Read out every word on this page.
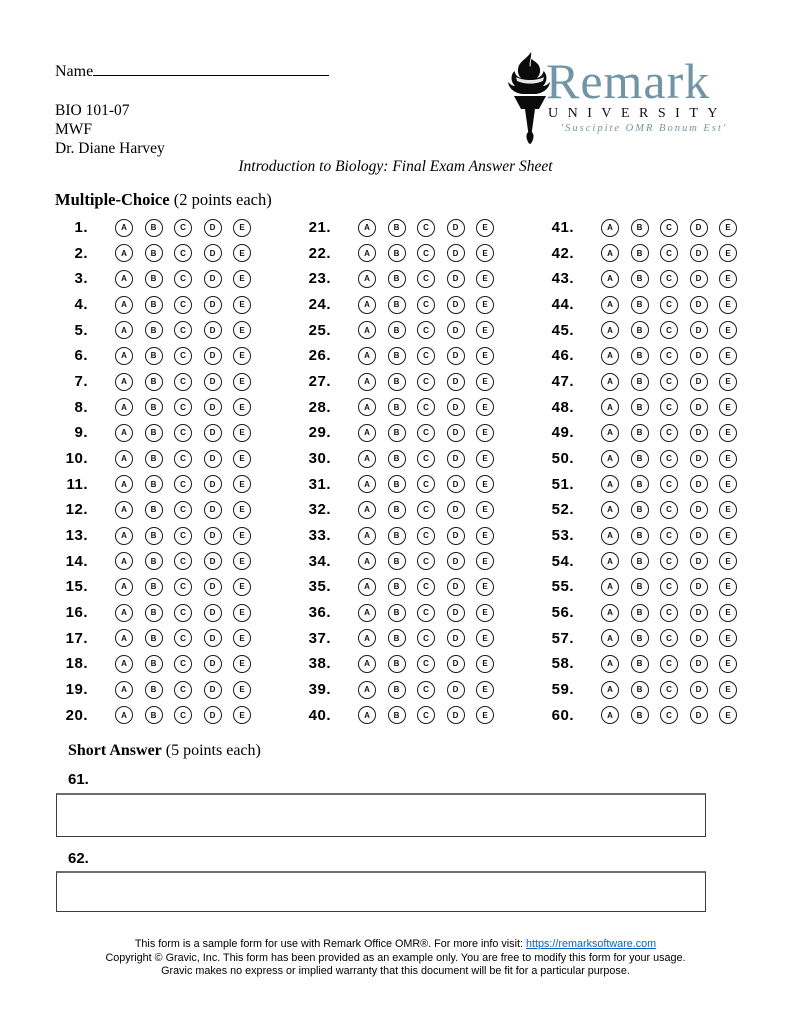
Name	Remark
UNIVERSITY
'Suscipite OMR Bonum Est'
BIO 101-07
MWF
Dr. Diane Harvey
Introduction to Biology: Final Exam Answer Sheet
Multiple-Choice (2 points each)
1.	A	B	C	D	E
2.	A	B	C	D	E
3.	A	B	C	D	E
4.	A	B	C	D	E
5.	A	B	C	D	E
6.	A	B	C	D	E
7.	A	B	C	D	E
8.	A	B	C	D	E
9.	A	B	C	D	E
10.	A	B	C	D	E
11.	A	B	C	D	E
12.	A	B	C	D	E
13.	A	B	C	D	E
14.	A	B	C	D	E
15.	A	B	C	D	E
16.	A	B	C	D	E
17.	A	B	C	D	E
18.	A	B	C	D	E
19.	A	B	C	D	E
20.	A	B	C	D	E
21.	A	B	C	D	E
22.	A	B	C	D	E
23.	A	B	C	D	E
24.	A	B	C	D	E
25.	A	B	C	D	E
26.	A	B	C	D	E
27.	A	B	C	D	E
28.	A	B	C	D	E
29.	A	B	C	D	E
30.	A	B	C	D	E
31.	A	B	C	D	E
32.	A	B	C	D	E
33.	A	B	C	D	E
34.	A	B	C	D	E
35.	A	B	C	D	E
36.	A	B	C	D	E
37.	A	B	C	D	E
38.	A	B	C	D	E
39.	A	B	C	D	E
40.	A	B	C	D	E
41.	A	B	C	D	E
42.	A	B	C	D	E
43.	A	B	C	D	E
44.	A	B	C	D	E
45.	A	B	C	D	E
46.	A	B	C	D	E
47.	A	B	C	D	E
48.	A	B	C	D	E
49.	A	B	C	D	E
50.	A	B	C	D	E
51.	A	B	C	D	E
52.	A	B	C	D	E
53.	A	B	C	D	E
54.	A	B	C	D	E
55.	A	B	C	D	E
56.	A	B	C	D	E
57.	A	B	C	D	E
58.	A	B	C	D	E
59.	A	B	C	D	E
60.	A	B	C	D	E
Short Answer (5 points each)
61.
62.
This form is a sample form for use with Remark Office OMR®. For more info visit: https://remarksoftware.com
Copyright © Gravic, Inc. This form has been provided as an example only. You are free to modify this form for your usage.
Gravic makes no express or implied warranty that this document will be fit for a particular purpose.
